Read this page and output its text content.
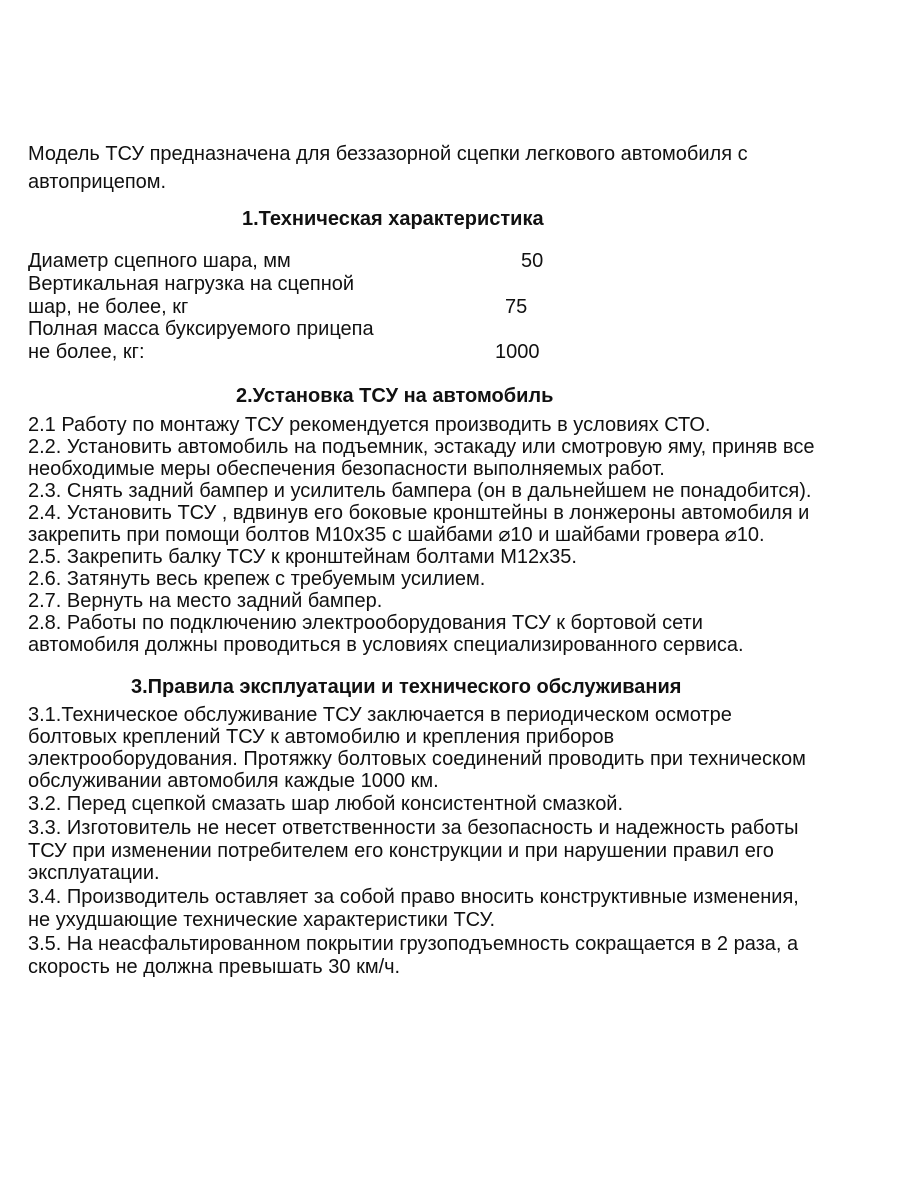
Модель ТСУ предназначена для беззазорной сцепки легкового автомобиля с
автоприцепом.
1.Техническая характеристика
Диаметр сцепного шара, мм	50
Вертикальная нагрузка на сцепной
шар, не более, кг	75
Полная масса буксируемого прицепа
не более, кг:	1000
2.Установка ТСУ на автомобиль
2.1 Работу по монтажу ТСУ рекомендуется производить в условиях СТО.
2.2. Установить автомобиль на подъемник, эстакаду или смотровую яму, приняв все
необходимые меры обеспечения безопасности выполняемых работ.
2.3. Снять задний бампер и усилитель бампера (он в дальнейшем не понадобится).
2.4. Установить ТСУ , вдвинув его боковые кронштейны в лонжероны автомобиля и
закрепить при помощи болтов М10х35 с шайбами ⌀10 и шайбами гровера ⌀10.
2.5. Закрепить балку ТСУ к кронштейнам болтами М12х35.
2.6. Затянуть весь крепеж с требуемым усилием.
2.7. Вернуть на место задний бампер.
2.8. Работы по подключению электрооборудования ТСУ к бортовой сети
автомобиля должны проводиться в условиях специализированного сервиса.
3.Правила эксплуатации и технического обслуживания
3.1.Техническое обслуживание ТСУ заключается в периодическом осмотре
болтовых креплений ТСУ к автомобилю и крепления приборов
электрооборудования. Протяжку болтовых соединений проводить при техническом
обслуживании автомобиля каждые 1000 км.
3.2. Перед сцепкой смазать шар любой консистентной смазкой.
3.3. Изготовитель не несет ответственности за безопасность и надежность работы
ТСУ при изменении потребителем его конструкции и при нарушении правил его
эксплуатации.
3.4. Производитель оставляет за собой право вносить конструктивные изменения,
не ухудшающие технические характеристики ТСУ.
3.5. На неасфальтированном покрытии грузоподъемность сокращается в 2 раза, а
скорость не должна превышать 30 км/ч.
